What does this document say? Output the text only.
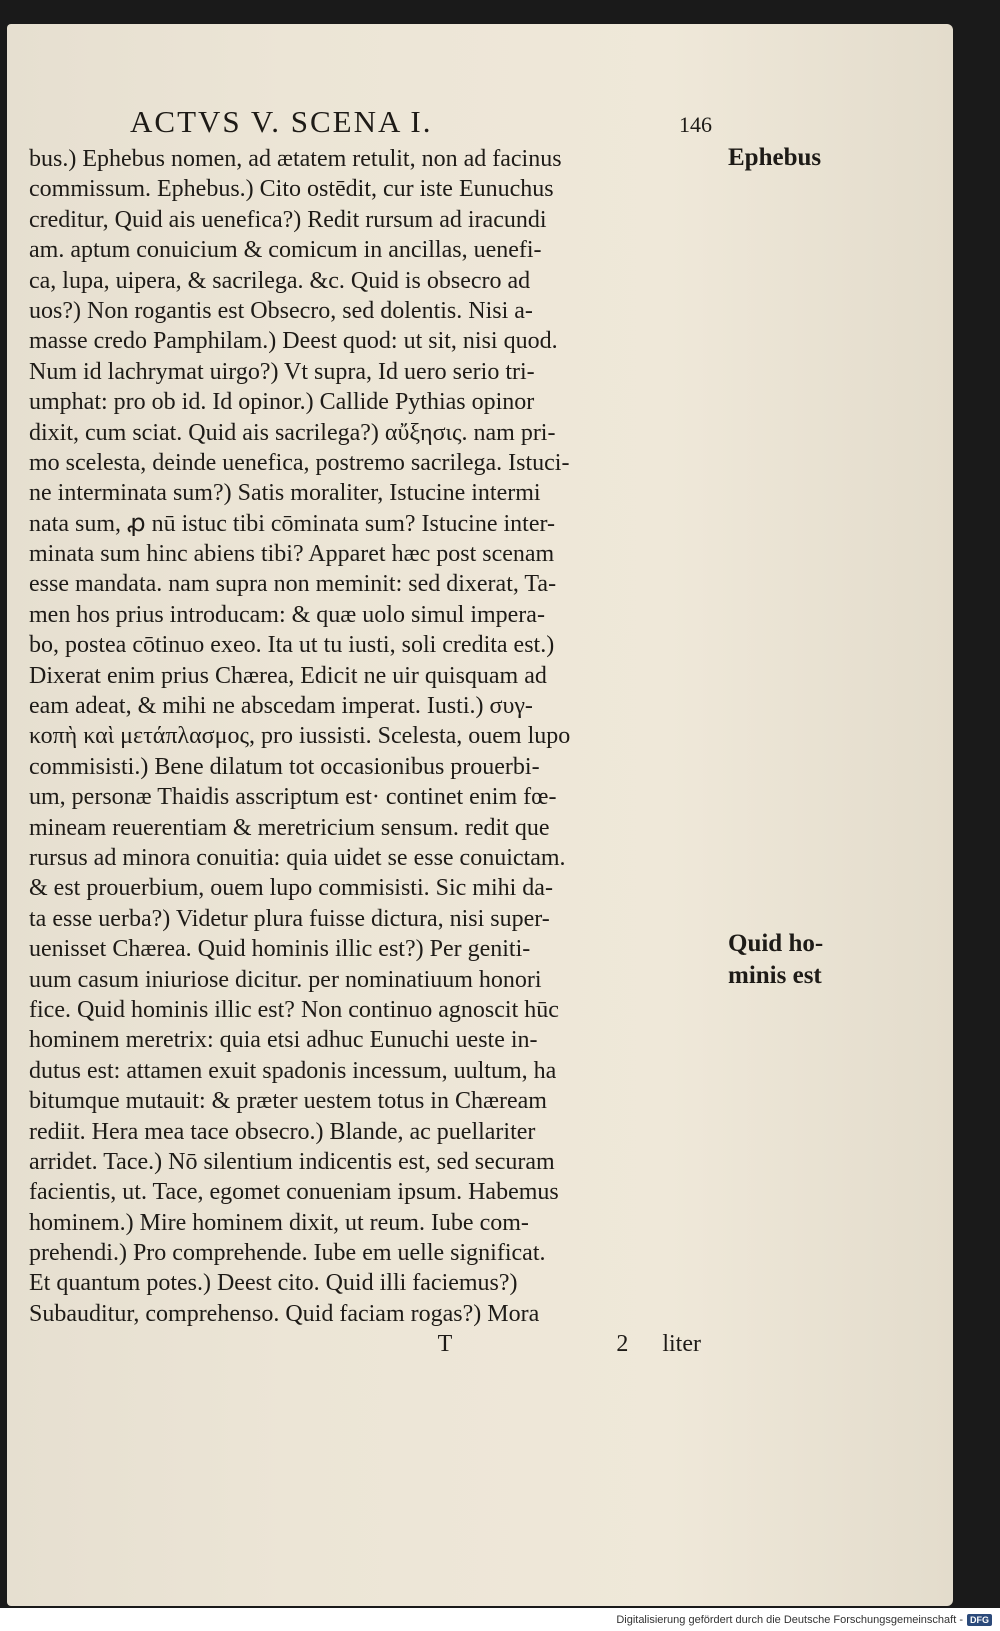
ACTVS V. SCENA I.	146
bus.) Ephebus nomen, ad ætatem retulit, non ad facinus
commissum. Ephebus.) Cito ostēdit, cur iste Eunuchus
creditur, Quid ais uenefica?) Redit rursum ad iracundi
am. aptum conuicium & comicum in ancillas, uenefi-
ca, lupa, uipera, & sacrilega. &c. Quid is obsecro ad
uos?) Non rogantis est Obsecro, sed dolentis. Nisi a-
masse credo Pamphilam.) Deest quod: ut sit, nisi quod.
Num id lachrymat uirgo?) Vt supra, Id uero serio tri-
umphat: pro ob id. Id opinor.) Callide Pythias opinor
dixit, cum sciat. Quid ais sacrilega?) αὔξησις. nam pri-
mo scelesta, deinde uenefica, postremo sacrilega. Istuci-
ne interminata sum?) Satis moraliter, Istucine intermi
nata sum, ꝓ nū istuc tibi cōminata sum? Istucine inter-
minata sum hinc abiens tibi? Apparet hæc post scenam
esse mandata. nam supra non meminit: sed dixerat, Ta-
men hos prius introducam: & quæ uolo simul impera-
bo, postea cōtinuo exeo. Ita ut tu iusti, soli credita est.)
Dixerat enim prius Chærea, Edicit ne uir quisquam ad
eam adeat, & mihi ne abscedam imperat. Iusti.) συγ-
κοπὴ καὶ μετάπλασμος, pro iussisti. Scelesta, ouem lupo
commisisti.) Bene dilatum tot occasionibus prouerbi-
um, personæ Thaidis asscriptum est· continet enim fœ-
mineam reuerentiam & meretricium sensum. redit que
rursus ad minora conuitia: quia uidet se esse conuictam.
& est prouerbium, ouem lupo commisisti. Sic mihi da-
ta esse uerba?) Videtur plura fuisse dictura, nisi super-
uenisset Chærea. Quid hominis illic est?) Per geniti-
uum casum iniuriose dicitur. per nominatiuum honori
fice. Quid hominis illic est? Non continuo agnoscit hūc
hominem meretrix: quia etsi adhuc Eunuchi ueste in-
dutus est: attamen exuit spadonis incessum, uultum, ha
bitumque mutauit: & præter uestem totus in Chæream
rediit. Hera mea tace obsecro.) Blande, ac puellariter
arridet. Tace.) Nō silentium indicentis est, sed securam
facientis, ut. Tace, egomet conueniam ipsum. Habemus
hominem.) Mire hominem dixit, ut reum. Iube com-
prehendi.) Pro comprehende. Iube em uelle significat.
Et quantum potes.) Deest cito. Quid illi faciemus?)
Subauditur, comprehenso. Quid faciam rogas?) Mora
T	2 liter
Ephebus
Quid ho-
minis est
Digitalisierung gefördert durch die Deutsche Forschungsgemeinschaft - DFG
